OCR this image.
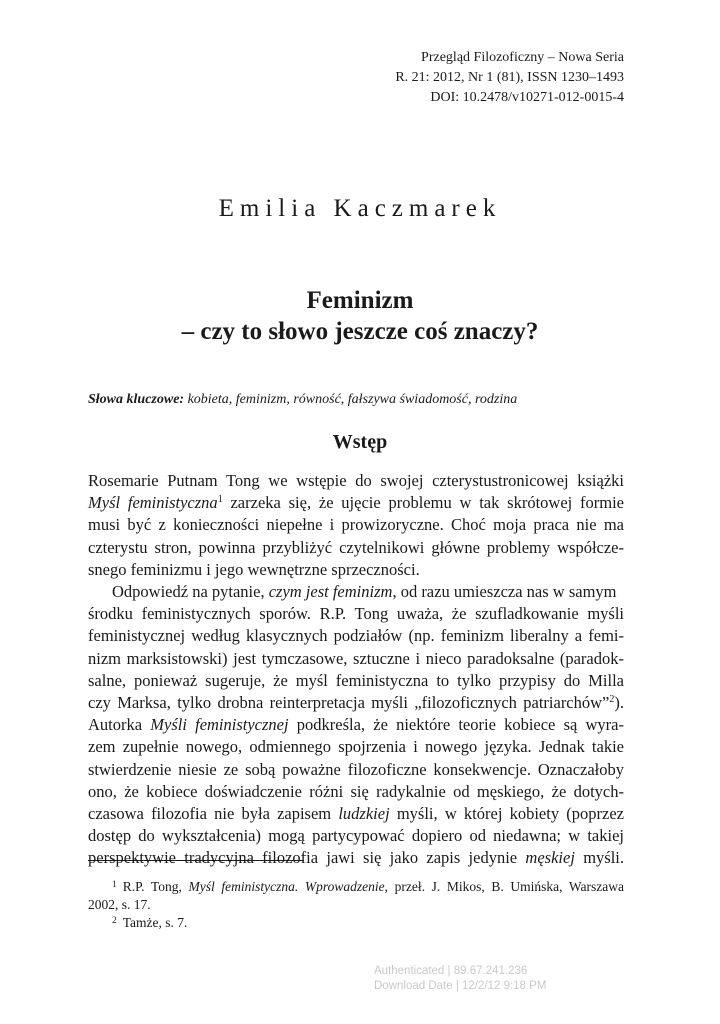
Przegląd Filozoficzny – Nowa Seria
R. 21: 2012, Nr 1 (81), ISSN 1230–1493
DOI: 10.2478/v10271-012-0015-4
Emilia Kaczmarek
Feminizm
– czy to słowo jeszcze coś znaczy?
Słowa kluczowe: kobieta, feminizm, równość, fałszywa świadomość, rodzina
Wstęp

Rosemarie Putnam Tong we wstępie do swojej czterystustronicowej książki
Myśl feministyczna$^1$ zarzeka się, że ujęcie problemu w tak skrótowej formie
musi być z konieczności niepełne i prowizoryczne. Choć moja praca nie ma
czterystu stron, powinna przybliżyć czytelnikowi główne problemy współcze-
snego feminizmu i jego wewnętrzne sprzeczności.

Odpowiedź na pytanie, czym jest feminizm, od razu umieszcza nas w samym
środku feministycznych sporów. R.P. Tong uważa, że szufladkowanie myśli
feministycznej według klasycznych podziałów (np. feminizm liberalny a femi-
nizm marksistowski) jest tymczasowe, sztuczne i nieco paradoksalne (paradok-
salne, ponieważ sugeruje, że myśl feministyczna to tylko przypisy do Milla
czy Marksa, tylko drobna reinterpretacja myśli „filozoficznych patriarchów”$^2$).
Autorka Myśli feministycznej podkreśla, że niektóre teorie kobiece są wyra-
zem zupełnie nowego, odmiennego spojrzenia i nowego języka. Jednak takie
stwierdzenie niesie ze sobą poważne filozoficzne konsekwencje. Oznaczałoby
ono, że kobiece doświadczenie różni się radykalnie od męskiego, że dotych-
czasowa filozofia nie była zapisem ludzkiej myśli, w której kobiety (poprzez
dostęp do wykształcenia) mogą partycypować dopiero od niedawna; w takiej
perspektywie tradycyjna filozofia jawi się jako zapis jedynie męskiej myśli.

$^1$ R.P. Tong, Myśl feministyczna. Wprowadzenie, przeł. J. Mikos, B. Umińska, Warszawa
2002, s. 17.
$^2$ Tamże, s. 7.
Authenticated | 89.67.241.236
Download Date | 12/2/12 9:18 PM
